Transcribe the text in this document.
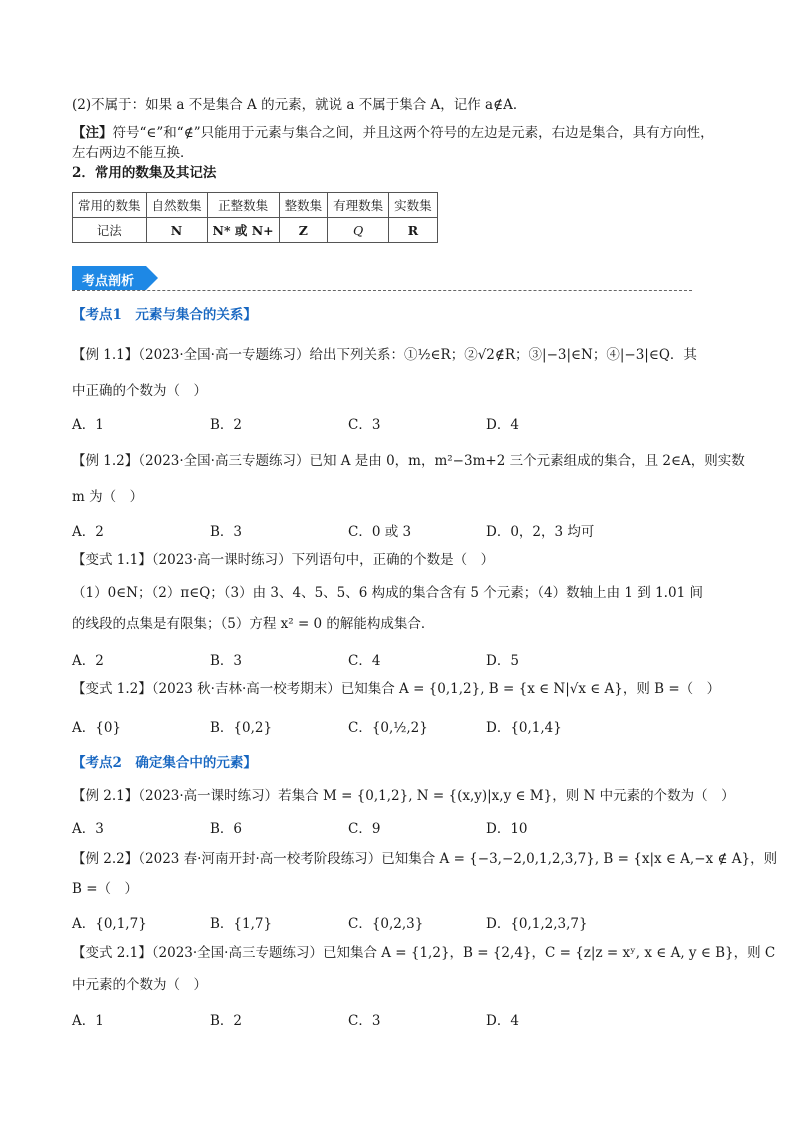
(2)不属于：如果 a 不是集合 A 的元素，就说 a 不属于集合 A，记作 a∉A．
【注】符号“∈”和“∉”只能用于元素与集合之间，并且这两个符号的左边是元素，右边是集合，具有方向性，
左右两边不能互换．
2．常用的数集及其记法
常用的数集	自然数集	正整数集	整数集	有理数集	实数集
记法	N	N* 或 N+	Z	Q	R
考点剖析
【考点1　元素与集合的关系】
【例 1.1】（2023·全国·高一专题练习）给出下列关系：①½∈R；②√2∉R；③|−3|∈N；④|−3|∈Q．其
中正确的个数为（　）
A．1	B．2	C．3	D．4
【例 1.2】（2023·全国·高三专题练习）已知 A 是由 0，m，m²−3m+2 三个元素组成的集合，且 2∈A，则实数
m 为（　）
A．2	B．3	C．0 或 3	D．0，2，3 均可
【变式 1.1】（2023·高一课时练习）下列语句中，正确的个数是（　）
（1）0∈N；（2）π∈Q；（3）由 3、4、5、5、6 构成的集合含有 5 个元素；（4）数轴上由 1 到 1.01 间
的线段的点集是有限集；（5）方程 x² = 0 的解能构成集合．
A．2	B．3	C．4	D．5
【变式 1.2】（2023 秋·吉林·高一校考期末）已知集合 A = {0,1,2}, B = {x ∈ N|√x ∈ A}，则 B =（　）
A．{0}	B．{0,2}	C．{0,½,2}	D．{0,1,4}
【考点2　确定集合中的元素】
【例 2.1】（2023·高一课时练习）若集合 M = {0,1,2}, N = {(x,y)|x,y ∈ M}，则 N 中元素的个数为（　）
A．3	B．6	C．9	D．10
【例 2.2】（2023 春·河南开封·高一校考阶段练习）已知集合 A = {−3,−2,0,1,2,3,7}, B = {x|x ∈ A,−x ∉ A}，则
B =（　）
A．{0,1,7}	B．{1,7}	C．{0,2,3}	D．{0,1,2,3,7}
【变式 2.1】（2023·全国·高三专题练习）已知集合 A = {1,2}，B = {2,4}，C = {z|z = xʸ, x ∈ A, y ∈ B}，则 C
中元素的个数为（　）
A．1	B．2	C．3	D．4
